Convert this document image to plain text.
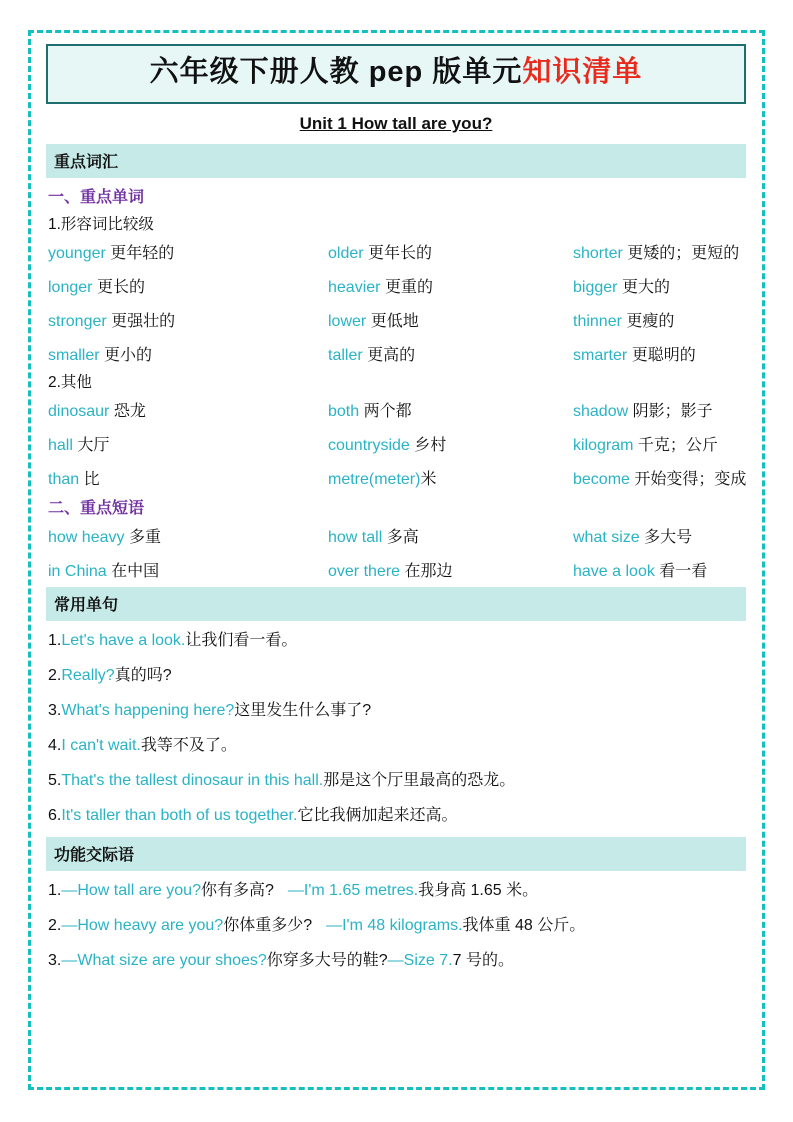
六年级下册人教 pep 版单元知识清单
Unit 1 How tall are you?
重点词汇
一、重点单词
1.形容词比较级
younger 更年轻的	older 更年长的	shorter 更矮的；更短的
longer 更长的	heavier 更重的	bigger 更大的
stronger 更强壮的	lower 更低地	thinner 更瘦的
smaller 更小的	taller 更高的	smarter 更聪明的
2.其他
dinosaur 恐龙	both 两个都	shadow 阴影；影子
hall 大厅	countryside 乡村	kilogram 千克；公斤
than 比	metre(meter)米	become 开始变得；变成
二、重点短语
how heavy 多重	how tall 多高	what size 多大号
in China 在中国	over there 在那边	have a look 看一看
常用单句
1.Let's have a look.让我们看一看。
2.Really?真的吗?
3.What's happening here?这里发生什么事了?
4.I can't wait.我等不及了。
5.That's the tallest dinosaur in this hall.那是这个厅里最高的恐龙。
6.It's taller than both of us together.它比我俩加起来还高。
功能交际语
1.—How tall are you?你有多高? —I'm 1.65 metres.我身高 1.65 米。
2.—How heavy are you?你体重多少? —I'm 48 kilograms.我体重 48 公斤。
3.—What size are your shoes?你穿多大号的鞋?—Size 7.7 号的。
